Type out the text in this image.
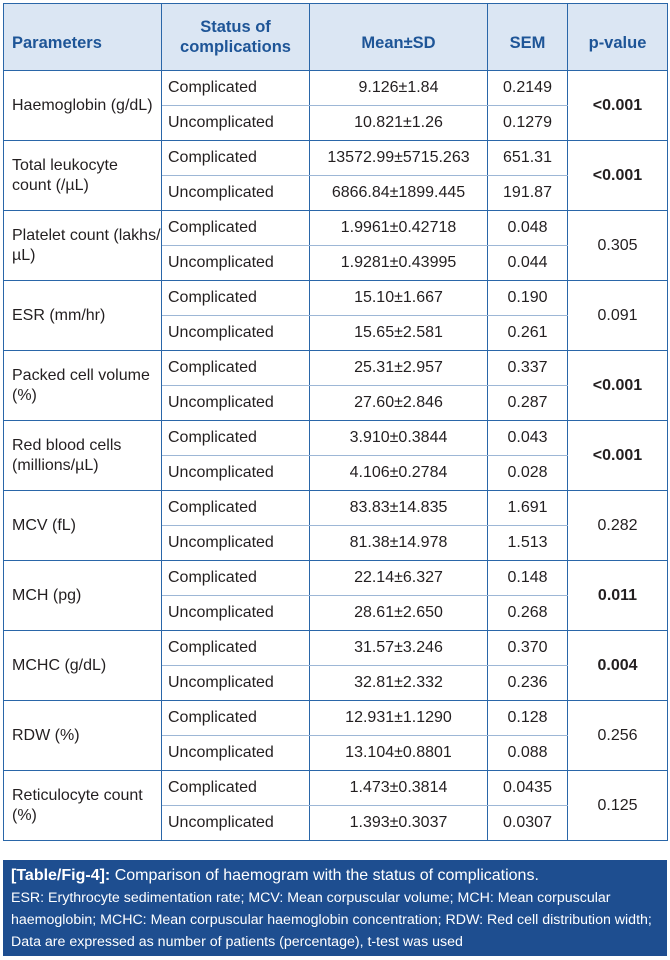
Parameters	Status of complications	Mean±SD	SEM	p-value
Haemoglobin (g/dL)	Complicated	9.126±1.84	0.2149	<0.001
	Uncomplicated	10.821±1.26	0.1279	
Total leukocyte count (/µL)	Complicated	13572.99±5715.263	651.31	<0.001
	Uncomplicated	6866.84±1899.445	191.87	
Platelet count (lakhs/µL)	Complicated	1.9961±0.42718	0.048	0.305
	Uncomplicated	1.9281±0.43995	0.044	
ESR (mm/hr)	Complicated	15.10±1.667	0.190	0.091
	Uncomplicated	15.65±2.581	0.261	
Packed cell volume (%)	Complicated	25.31±2.957	0.337	<0.001
	Uncomplicated	27.60±2.846	0.287	
Red blood cells (millions/µL)	Complicated	3.910±0.3844	0.043	<0.001
	Uncomplicated	4.106±0.2784	0.028	
MCV (fL)	Complicated	83.83±14.835	1.691	0.282
	Uncomplicated	81.38±14.978	1.513	
MCH (pg)	Complicated	22.14±6.327	0.148	0.011
	Uncomplicated	28.61±2.650	0.268	
MCHC (g/dL)	Complicated	31.57±3.246	0.370	0.004
	Uncomplicated	32.81±2.332	0.236	
RDW (%)	Complicated	12.931±1.1290	0.128	0.256
	Uncomplicated	13.104±0.8801	0.088	
Reticulocyte count (%)	Complicated	1.473±0.3814	0.0435	0.125
	Uncomplicated	1.393±0.3037	0.0307	
[Table/Fig-4]: Comparison of haemogram with the status of complications.
ESR: Erythrocyte sedimentation rate; MCV: Mean corpuscular volume; MCH: Mean corpuscular haemoglobin; MCHC: Mean corpuscular haemoglobin concentration; RDW: Red cell distribution width; Data are expressed as number of patients (percentage), t-test was used
